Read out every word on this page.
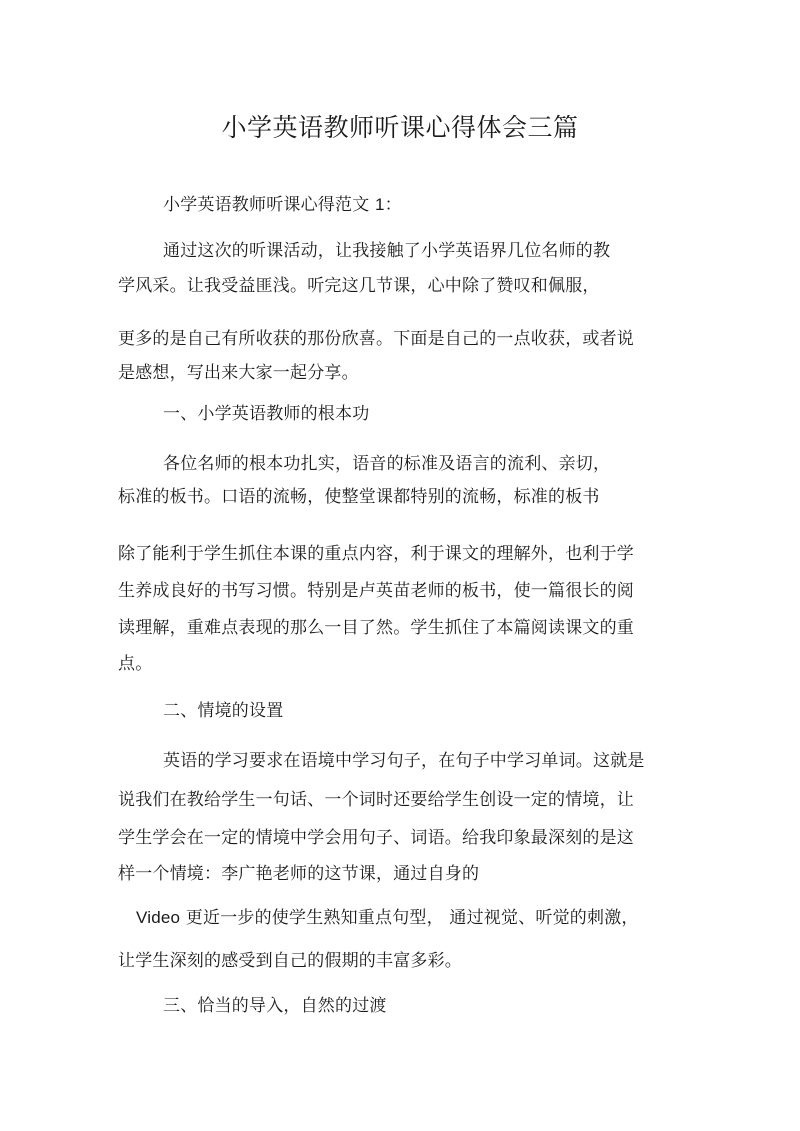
小学英语教师听课心得体会三篇
小学英语教师听课心得范文 1：
通过这次的听课活动，让我接触了小学英语界几位名师的教
学风采。让我受益匪浅。听完这几节课，心中除了赞叹和佩服，
更多的是自己有所收获的那份欣喜。下面是自己的一点收获，或者说
是感想，写出来大家一起分享。
一、小学英语教师的根本功
各位名师的根本功扎实，语音的标准及语言的流利、亲切，
标准的板书。口语的流畅，使整堂课都特别的流畅，标准的板书
除了能利于学生抓住本课的重点内容，利于课文的理解外，也利于学
生养成良好的书写习惯。特别是卢英苗老师的板书，使一篇很长的阅
读理解，重难点表现的那么一目了然。学生抓住了本篇阅读课文的重
点。
二、情境的设置
英语的学习要求在语境中学习句子，在句子中学习单词。这就是
说我们在教给学生一句话、一个词时还要给学生创设一定的情境，让
学生学会在一定的情境中学会用句子、词语。给我印象最深刻的是这
样一个情境：李广艳老师的这节课，通过自身的
Video 更近一步的使学生熟知重点句型， 通过视觉、听觉的刺激，
让学生深刻的感受到自己的假期的丰富多彩。
三、恰当的导入，自然的过渡
